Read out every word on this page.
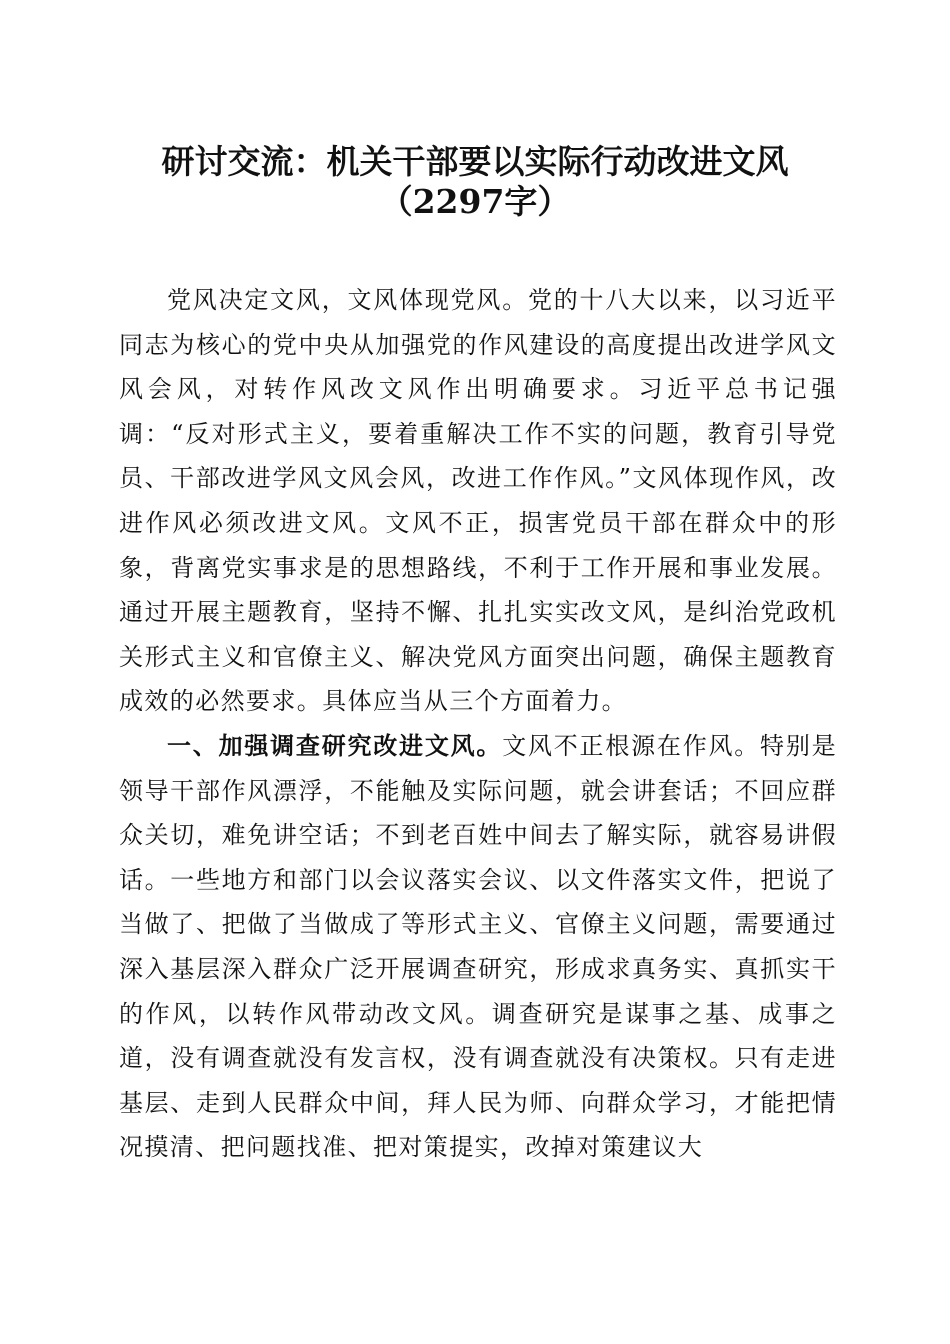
研讨交流：机关干部要以实际行动改进文风
（2297字）

党风决定文风，文风体现党风。党的十八大以来，以习近平同志为核心的党中央从加强党的作风建设的高度提出改进学风文风会风，对转作风改文风作出明确要求。习近平总书记强调：“反对形式主义，要着重解决工作不实的问题，教育引导党员、干部改进学风文风会风，改进工作作风。”文风体现作风，改进作风必须改进文风。文风不正，损害党员干部在群众中的形象，背离党实事求是的思想路线，不利于工作开展和事业发展。通过开展主题教育，坚持不懈、扎扎实实改文风，是纠治党政机关形式主义和官僚主义、解决党风方面突出问题，确保主题教育成效的必然要求。具体应当从三个方面着力。

一、加强调查研究改进文风。文风不正根源在作风。特别是领导干部作风漂浮，不能触及实际问题，就会讲套话；不回应群众关切，难免讲空话；不到老百姓中间去了解实际，就容易讲假话。一些地方和部门以会议落实会议、以文件落实文件，把说了当做了、把做了当做成了等形式主义、官僚主义问题，需要通过深入基层深入群众广泛开展调查研究，形成求真务实、真抓实干的作风，以转作风带动改文风。调查研究是谋事之基、成事之道，没有调查就没有发言权，没有调查就没有决策权。只有走进基层、走到人民群众中间，拜人民为师、向群众学习，才能把情况摸清、把问题找准、把对策提实，改掉对策建议大
